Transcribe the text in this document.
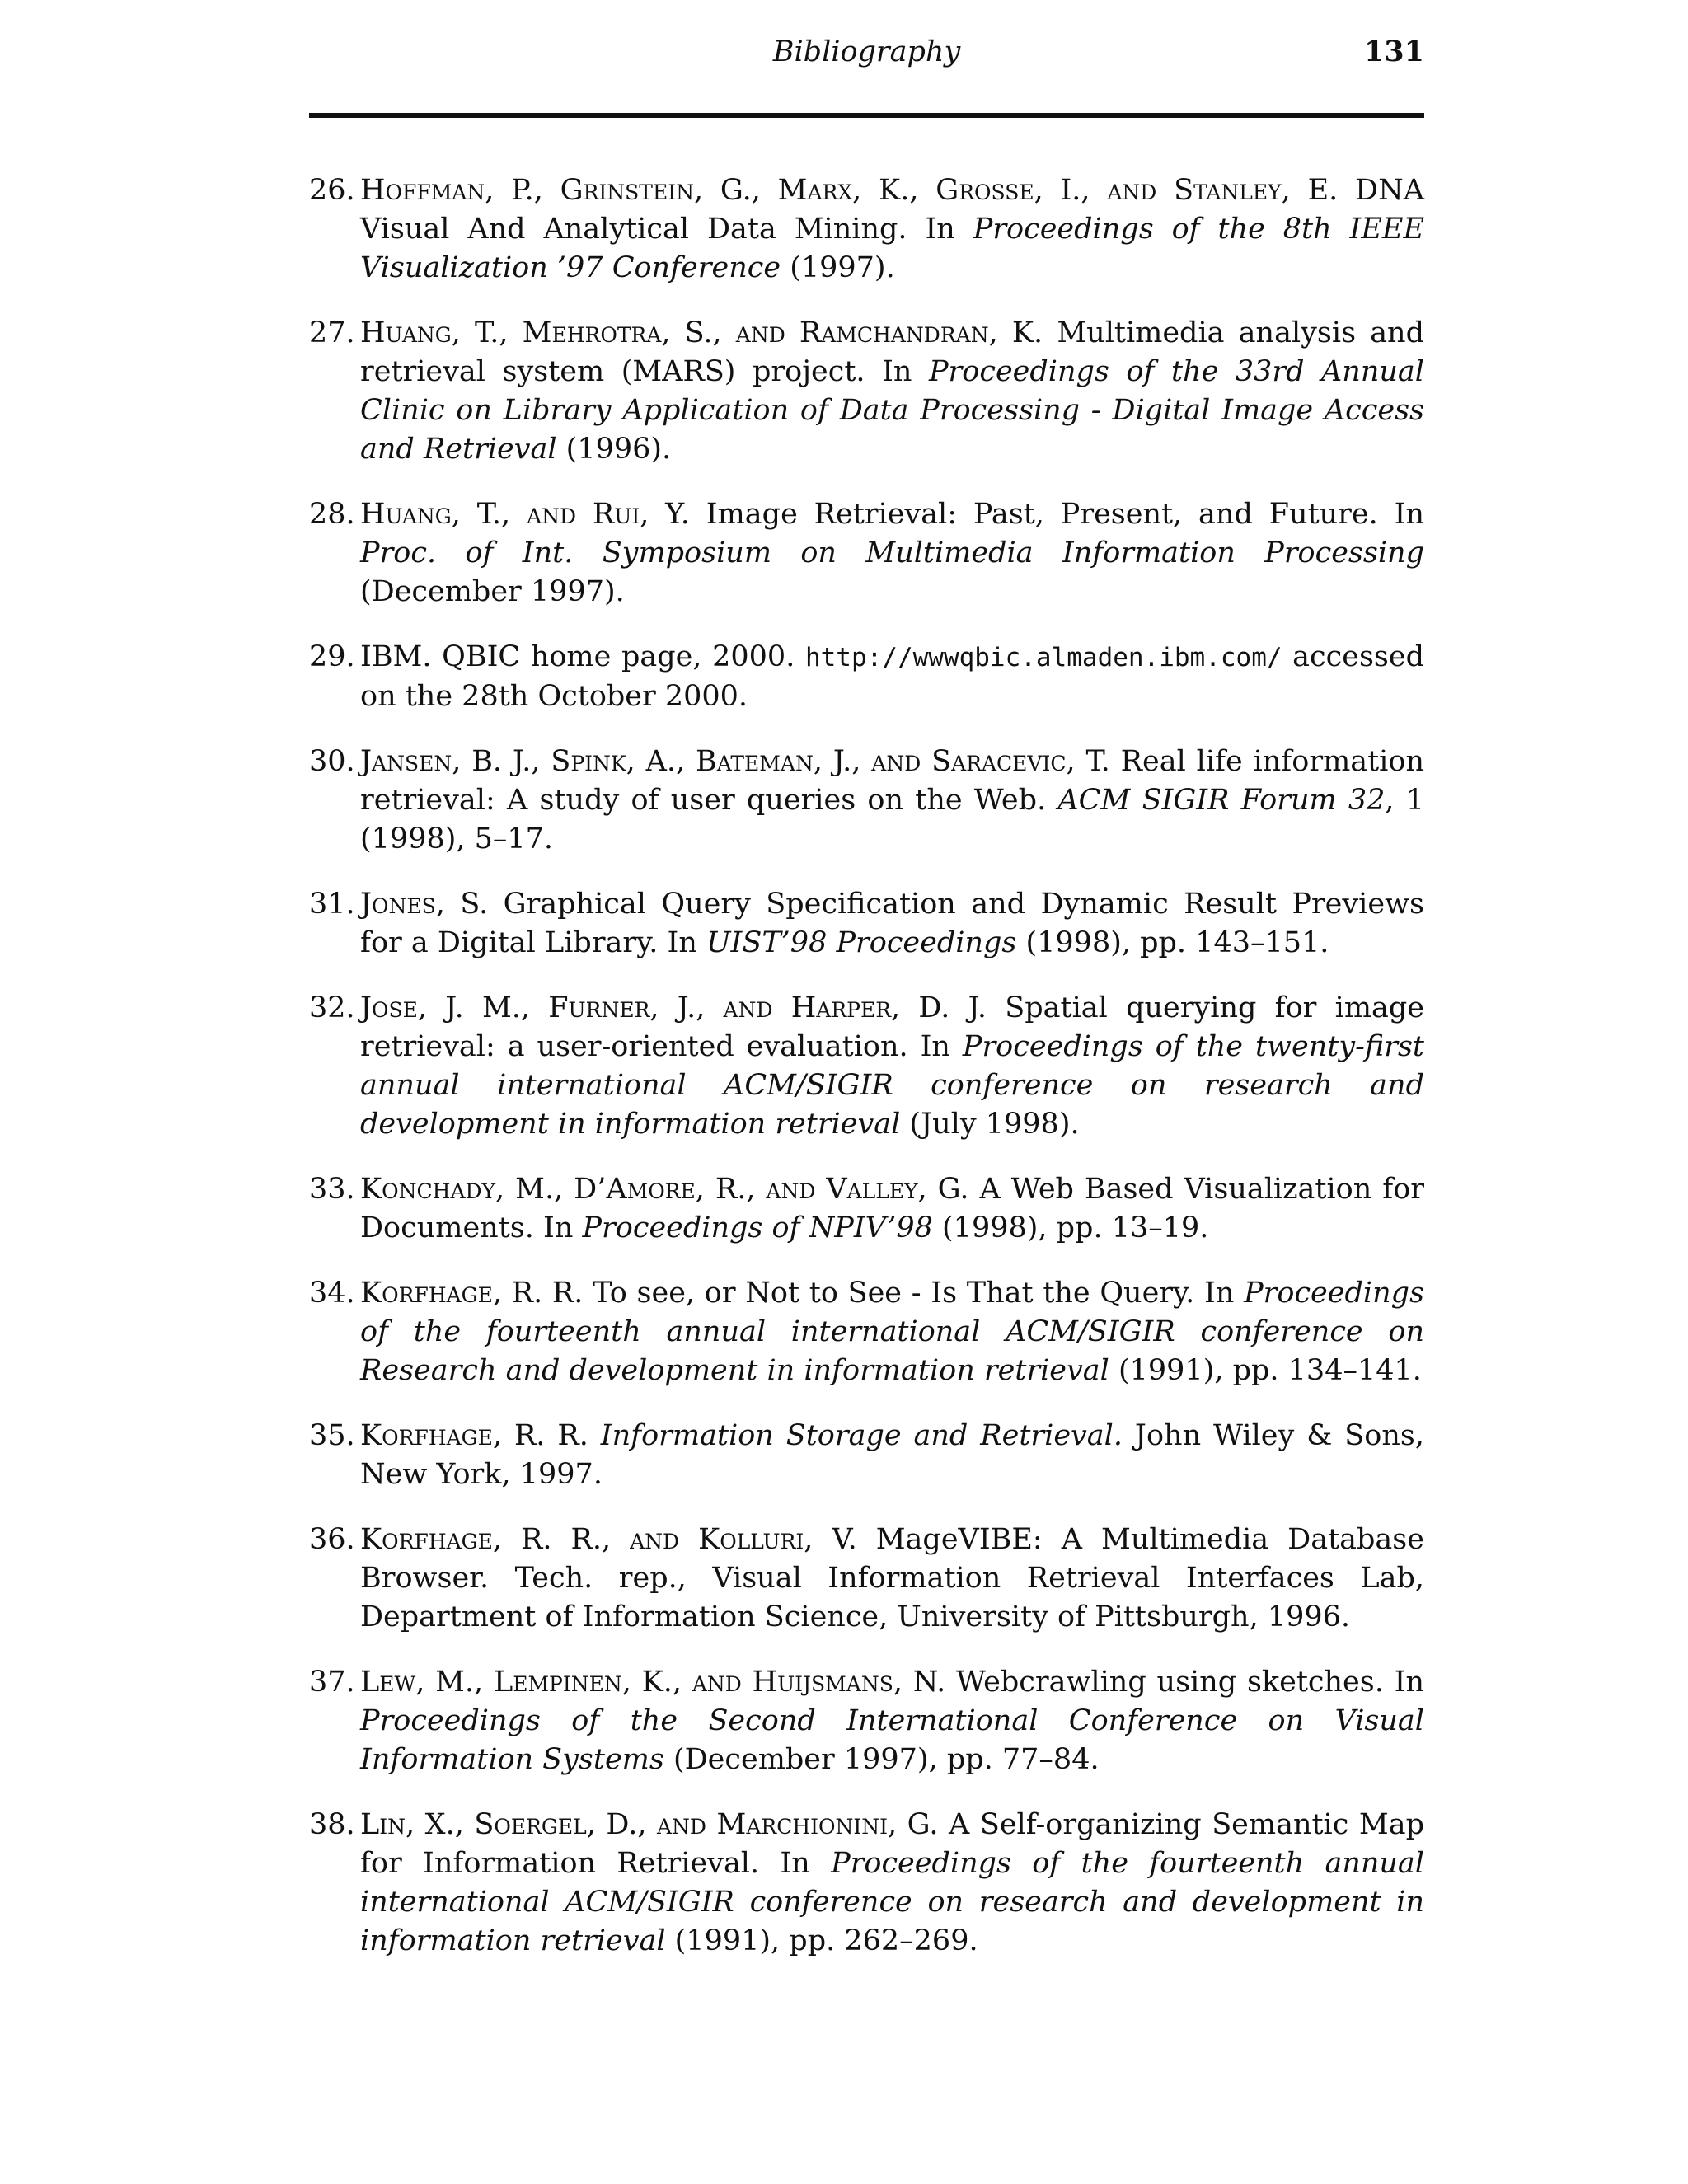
Bibliography	131
26. Hoffman, P., Grinstein, G., Marx, K., Grosse, I., and Stanley, E. DNA Visual And Analytical Data Mining. In Proceedings of the 8th IEEE Visualization ’97 Conference (1997).
27. Huang, T., Mehrotra, S., and Ramchandran, K. Multimedia analysis and retrieval system (MARS) project. In Proceedings of the 33rd Annual Clinic on Library Application of Data Processing - Digital Image Access and Retrieval (1996).
28. Huang, T., and Rui, Y. Image Retrieval: Past, Present, and Future. In Proc. of Int. Symposium on Multimedia Information Processing (December 1997).
29. IBM. QBIC home page, 2000. http://wwwqbic.almaden.ibm.com/ accessed on the 28th October 2000.
30. Jansen, B. J., Spink, A., Bateman, J., and Saracevic, T. Real life information retrieval: A study of user queries on the Web. ACM SIGIR Forum 32, 1 (1998), 5–17.
31. Jones, S. Graphical Query Specification and Dynamic Result Previews for a Digital Library. In UIST’98 Proceedings (1998), pp. 143–151.
32. Jose, J. M., Furner, J., and Harper, D. J. Spatial querying for image retrieval: a user-oriented evaluation. In Proceedings of the twenty-first annual international ACM/SIGIR conference on research and development in information retrieval (July 1998).
33. Konchady, M., D’Amore, R., and Valley, G. A Web Based Visualization for Documents. In Proceedings of NPIV’98 (1998), pp. 13–19.
34. Korfhage, R. R. To see, or Not to See - Is That the Query. In Proceedings of the fourteenth annual international ACM/SIGIR conference on Research and development in information retrieval (1991), pp. 134–141.
35. Korfhage, R. R. Information Storage and Retrieval. John Wiley & Sons, New York, 1997.
36. Korfhage, R. R., and Kolluri, V. MageVIBE: A Multimedia Database Browser. Tech. rep., Visual Information Retrieval Interfaces Lab, Department of Information Science, University of Pittsburgh, 1996.
37. Lew, M., Lempinen, K., and Huijsmans, N. Webcrawling using sketches. In Proceedings of the Second International Conference on Visual Information Systems (December 1997), pp. 77–84.
38. Lin, X., Soergel, D., and Marchionini, G. A Self-organizing Semantic Map for Information Retrieval. In Proceedings of the fourteenth annual international ACM/SIGIR conference on research and development in information retrieval (1991), pp. 262–269.
